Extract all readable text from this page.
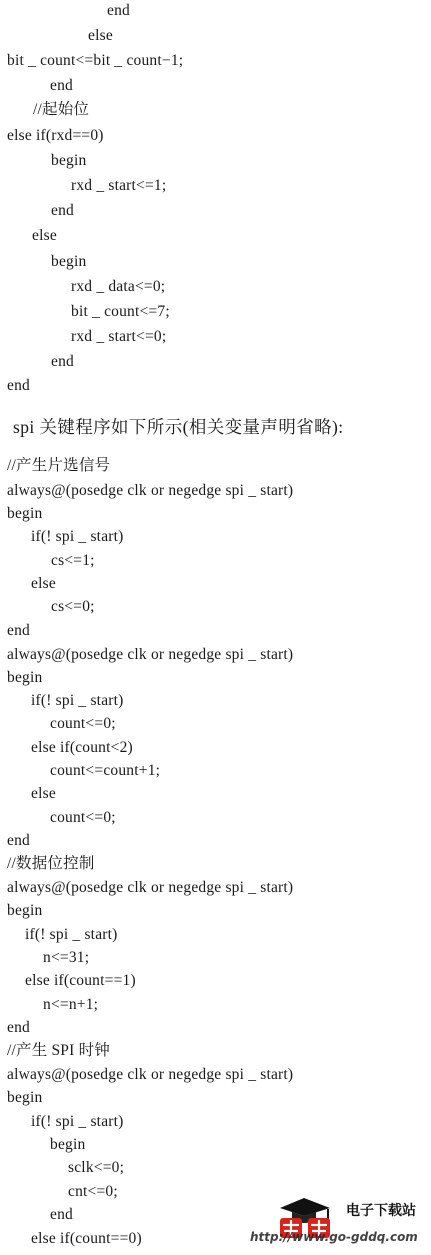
end
else
bit _ count<=bit _ count−1;
end
//起始位
else if(rxd==0)
begin
rxd _ start<=1;
end
else
begin
rxd _ data<=0;
bit _ count<=7;
rxd _ start<=0;
end
end
spi 关键程序如下所示(相关变量声明省略):
//产生片选信号
always@(posedge clk or negedge spi _ start)
begin
if(! spi _ start)
cs<=1;
else
cs<=0;
end
always@(posedge clk or negedge spi _ start)
begin
if(! spi _ start)
count<=0;
else if(count<2)
count<=count+1;
else
count<=0;
end
//数据位控制
always@(posedge clk or negedge spi _ start)
begin
if(! spi _ start)
n<=31;
else if(count==1)
n<=n+1;
end
//产生 SPI 时钟
always@(posedge clk or negedge spi _ start)
begin
if(! spi _ start)
begin
sclk<=0;
cnt<=0;
end
else if(count==0)
电子下载站
http://www.go-gddq.com
